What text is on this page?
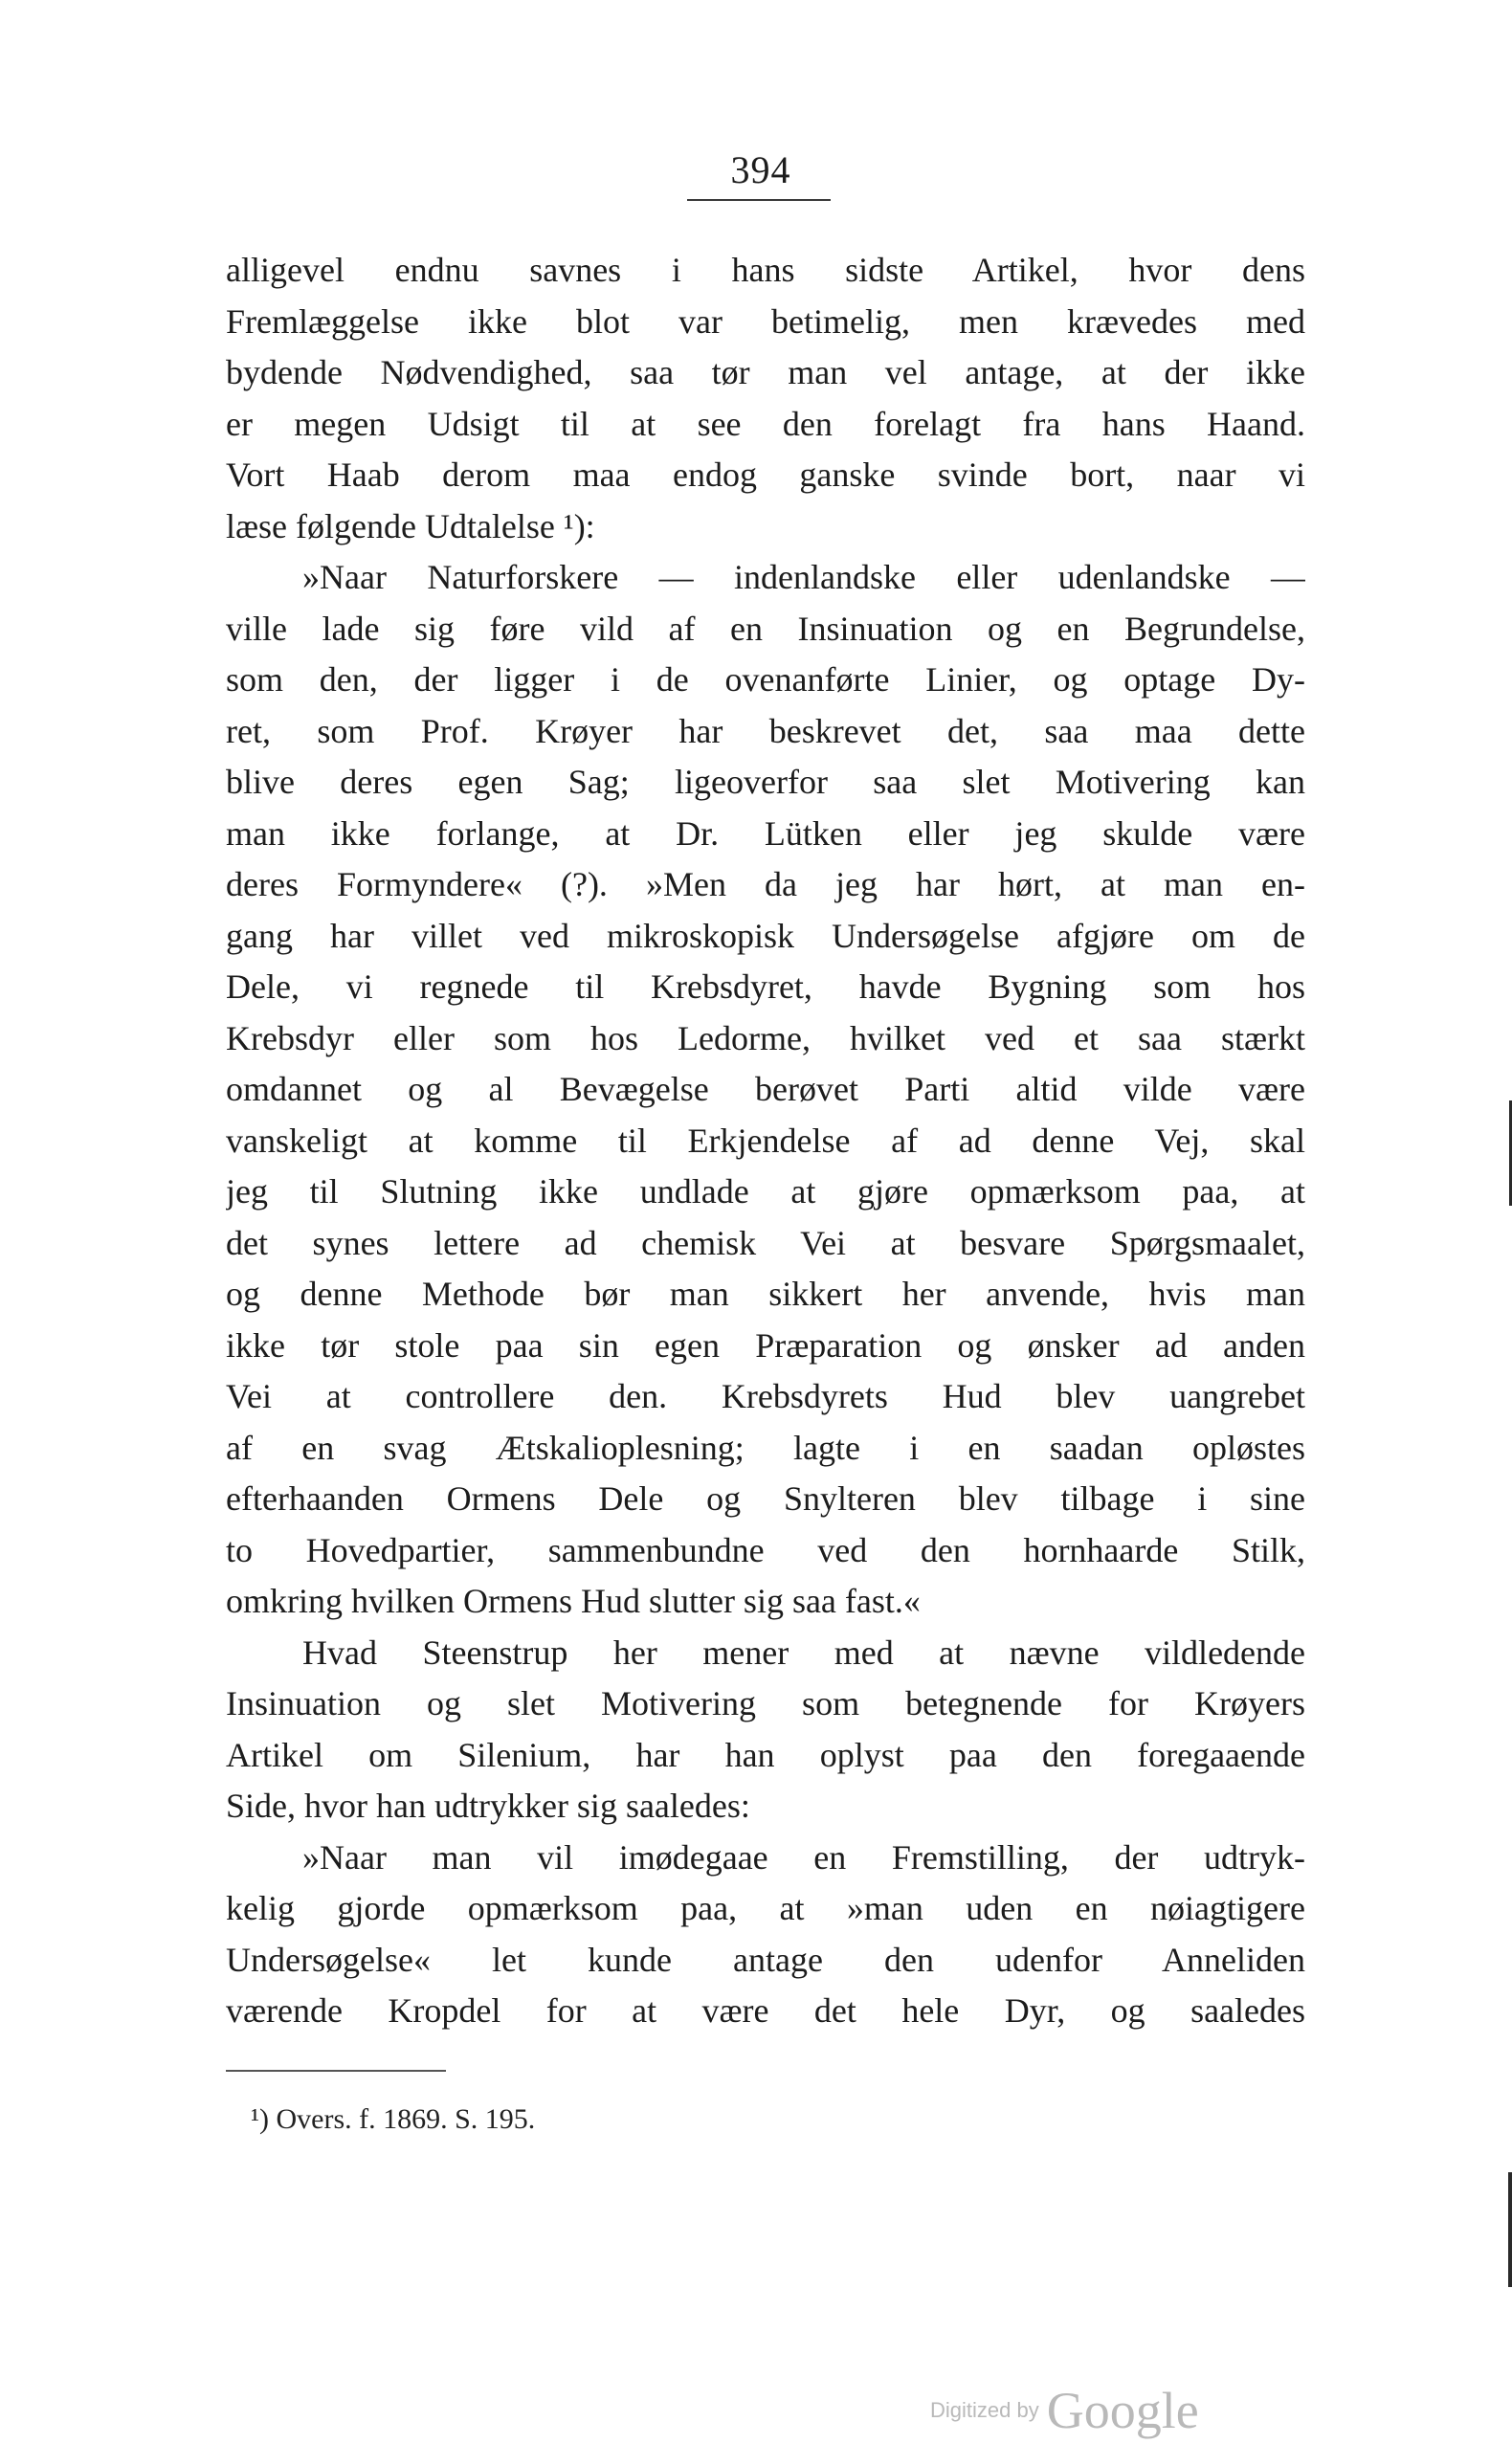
394
alligevel endnu savnes i hans sidste Artikel, hvor dens
Fremlæggelse ikke blot var betimelig, men krævedes med
bydende Nødvendighed, saa tør man vel antage, at der ikke
er megen Udsigt til at see den forelagt fra hans Haand.
Vort Haab derom maa endog ganske svinde bort, naar vi
læse følgende Udtalelse ¹):
»Naar Naturforskere — indenlandske eller udenlandske —
ville lade sig føre vild af en Insinuation og en Begrundelse,
som den, der ligger i de ovenanførte Linier, og optage Dy-
ret, som Prof. Krøyer har beskrevet det, saa maa dette
blive deres egen Sag; ligeoverfor saa slet Motivering kan
man ikke forlange, at Dr. Lütken eller jeg skulde være
deres Formyndere« (?). »Men da jeg har hørt, at man en-
gang har villet ved mikroskopisk Undersøgelse afgjøre om de
Dele, vi regnede til Krebsdyret, havde Bygning som hos
Krebsdyr eller som hos Ledorme, hvilket ved et saa stærkt
omdannet og al Bevægelse berøvet Parti altid vilde være
vanskeligt at komme til Erkjendelse af ad denne Vej, skal
jeg til Slutning ikke undlade at gjøre opmærksom paa, at
det synes lettere ad chemisk Vei at besvare Spørgsmaalet,
og denne Methode bør man sikkert her anvende, hvis man
ikke tør stole paa sin egen Præparation og ønsker ad anden
Vei at controllere den. Krebsdyrets Hud blev uangrebet
af en svag Ætskalioplesning; lagte i en saadan opløstes
efterhaanden Ormens Dele og Snylteren blev tilbage i sine
to Hovedpartier, sammenbundne ved den hornhaarde Stilk,
omkring hvilken Ormens Hud slutter sig saa fast.«
Hvad Steenstrup her mener med at nævne vildledende
Insinuation og slet Motivering som betegnende for Krøyers
Artikel om Silenium, har han oplyst paa den foregaaende
Side, hvor han udtrykker sig saaledes:
»Naar man vil imødegaae en Fremstilling, der udtryk-
kelig gjorde opmærksom paa, at »man uden en nøiagtigere
Undersøgelse« let kunde antage den udenfor Anneliden
værende Kropdel for at være det hele Dyr, og saaledes
¹) Overs. f. 1869. S. 195.
Digitized by Google
